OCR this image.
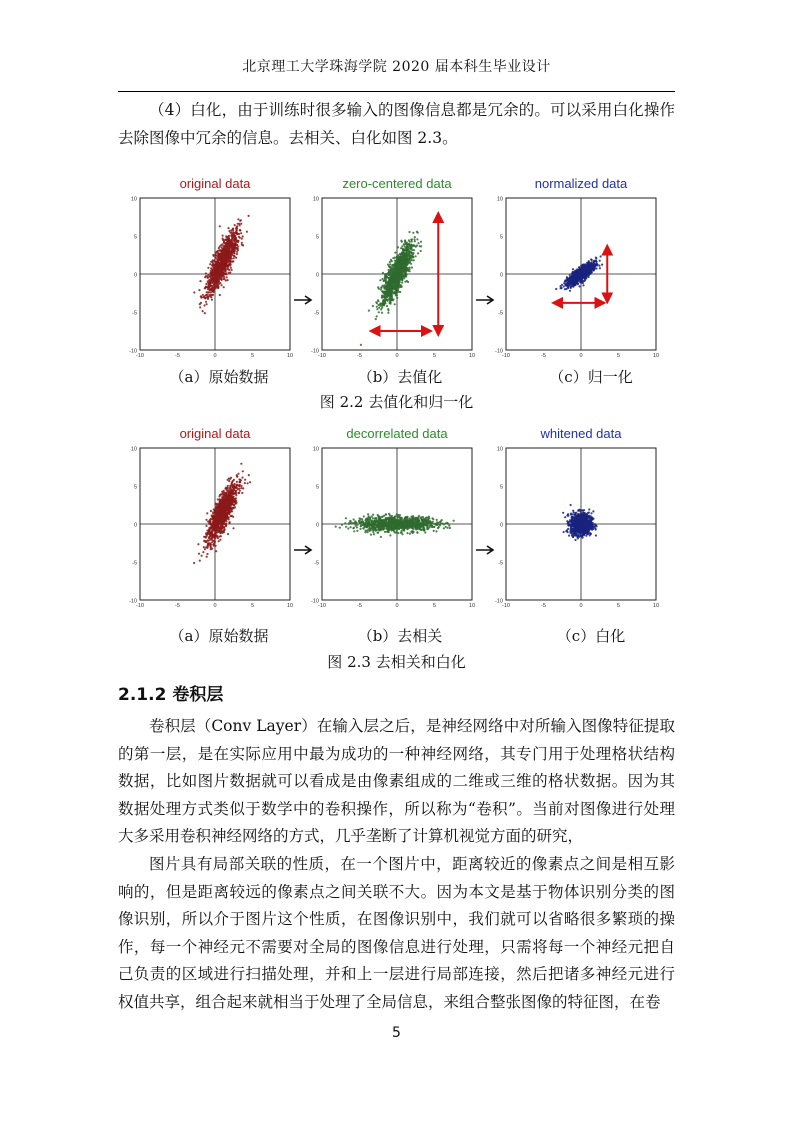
北京理工大学珠海学院 2020 届本科生毕业设计

（4）白化，由于训练时很多输入的图像信息都是冗余的。可以采用白化操作去除图像中冗余的信息。去相关、白化如图 2.3。

original data
10
5
0
-5
-10
-10	-5	0	5	10
zero-centered data
10
5
0
-5
-10
-10	-5	0	5	10
normalized data
10
5
0
-5
-10
-10	-5	0	5	10
（a）原始数据	（b）去值化	（c）归一化
图 2.2 去值化和归一化
original data
10
5
0
-5
-10
-10	-5	0	5	10
decorrelated data
10
5
0
-5
-10
-10	-5	0	5	10
whitened data
10
5
0
-5
-10
-10	-5	0	5	10
（a）原始数据	（b）去相关	（c）白化
图 2.3 去相关和白化
2.1.2 卷积层

卷积层（Conv Layer）在输入层之后，是神经网络中对所输入图像特征提取的第一层，是在实际应用中最为成功的一种神经网络，其专门用于处理格状结构数据，比如图片数据就可以看成是由像素组成的二维或三维的格状数据。因为其数据处理方式类似于数学中的卷积操作，所以称为“卷积”。当前对图像进行处理大多采用卷积神经网络的方式，几乎垄断了计算机视觉方面的研究，

图片具有局部关联的性质，在一个图片中，距离较近的像素点之间是相互影响的，但是距离较远的像素点之间关联不大。因为本文是基于物体识别分类的图像识别，所以介于图片这个性质，在图像识别中，我们就可以省略很多繁琐的操作，每一个神经元不需要对全局的图像信息进行处理，只需将每一个神经元把自己负责的区域进行扫描处理，并和上一层进行局部连接，然后把诸多神经元进行权值共享，组合起来就相当于处理了全局信息，来组合整张图像的特征图，在卷

5
